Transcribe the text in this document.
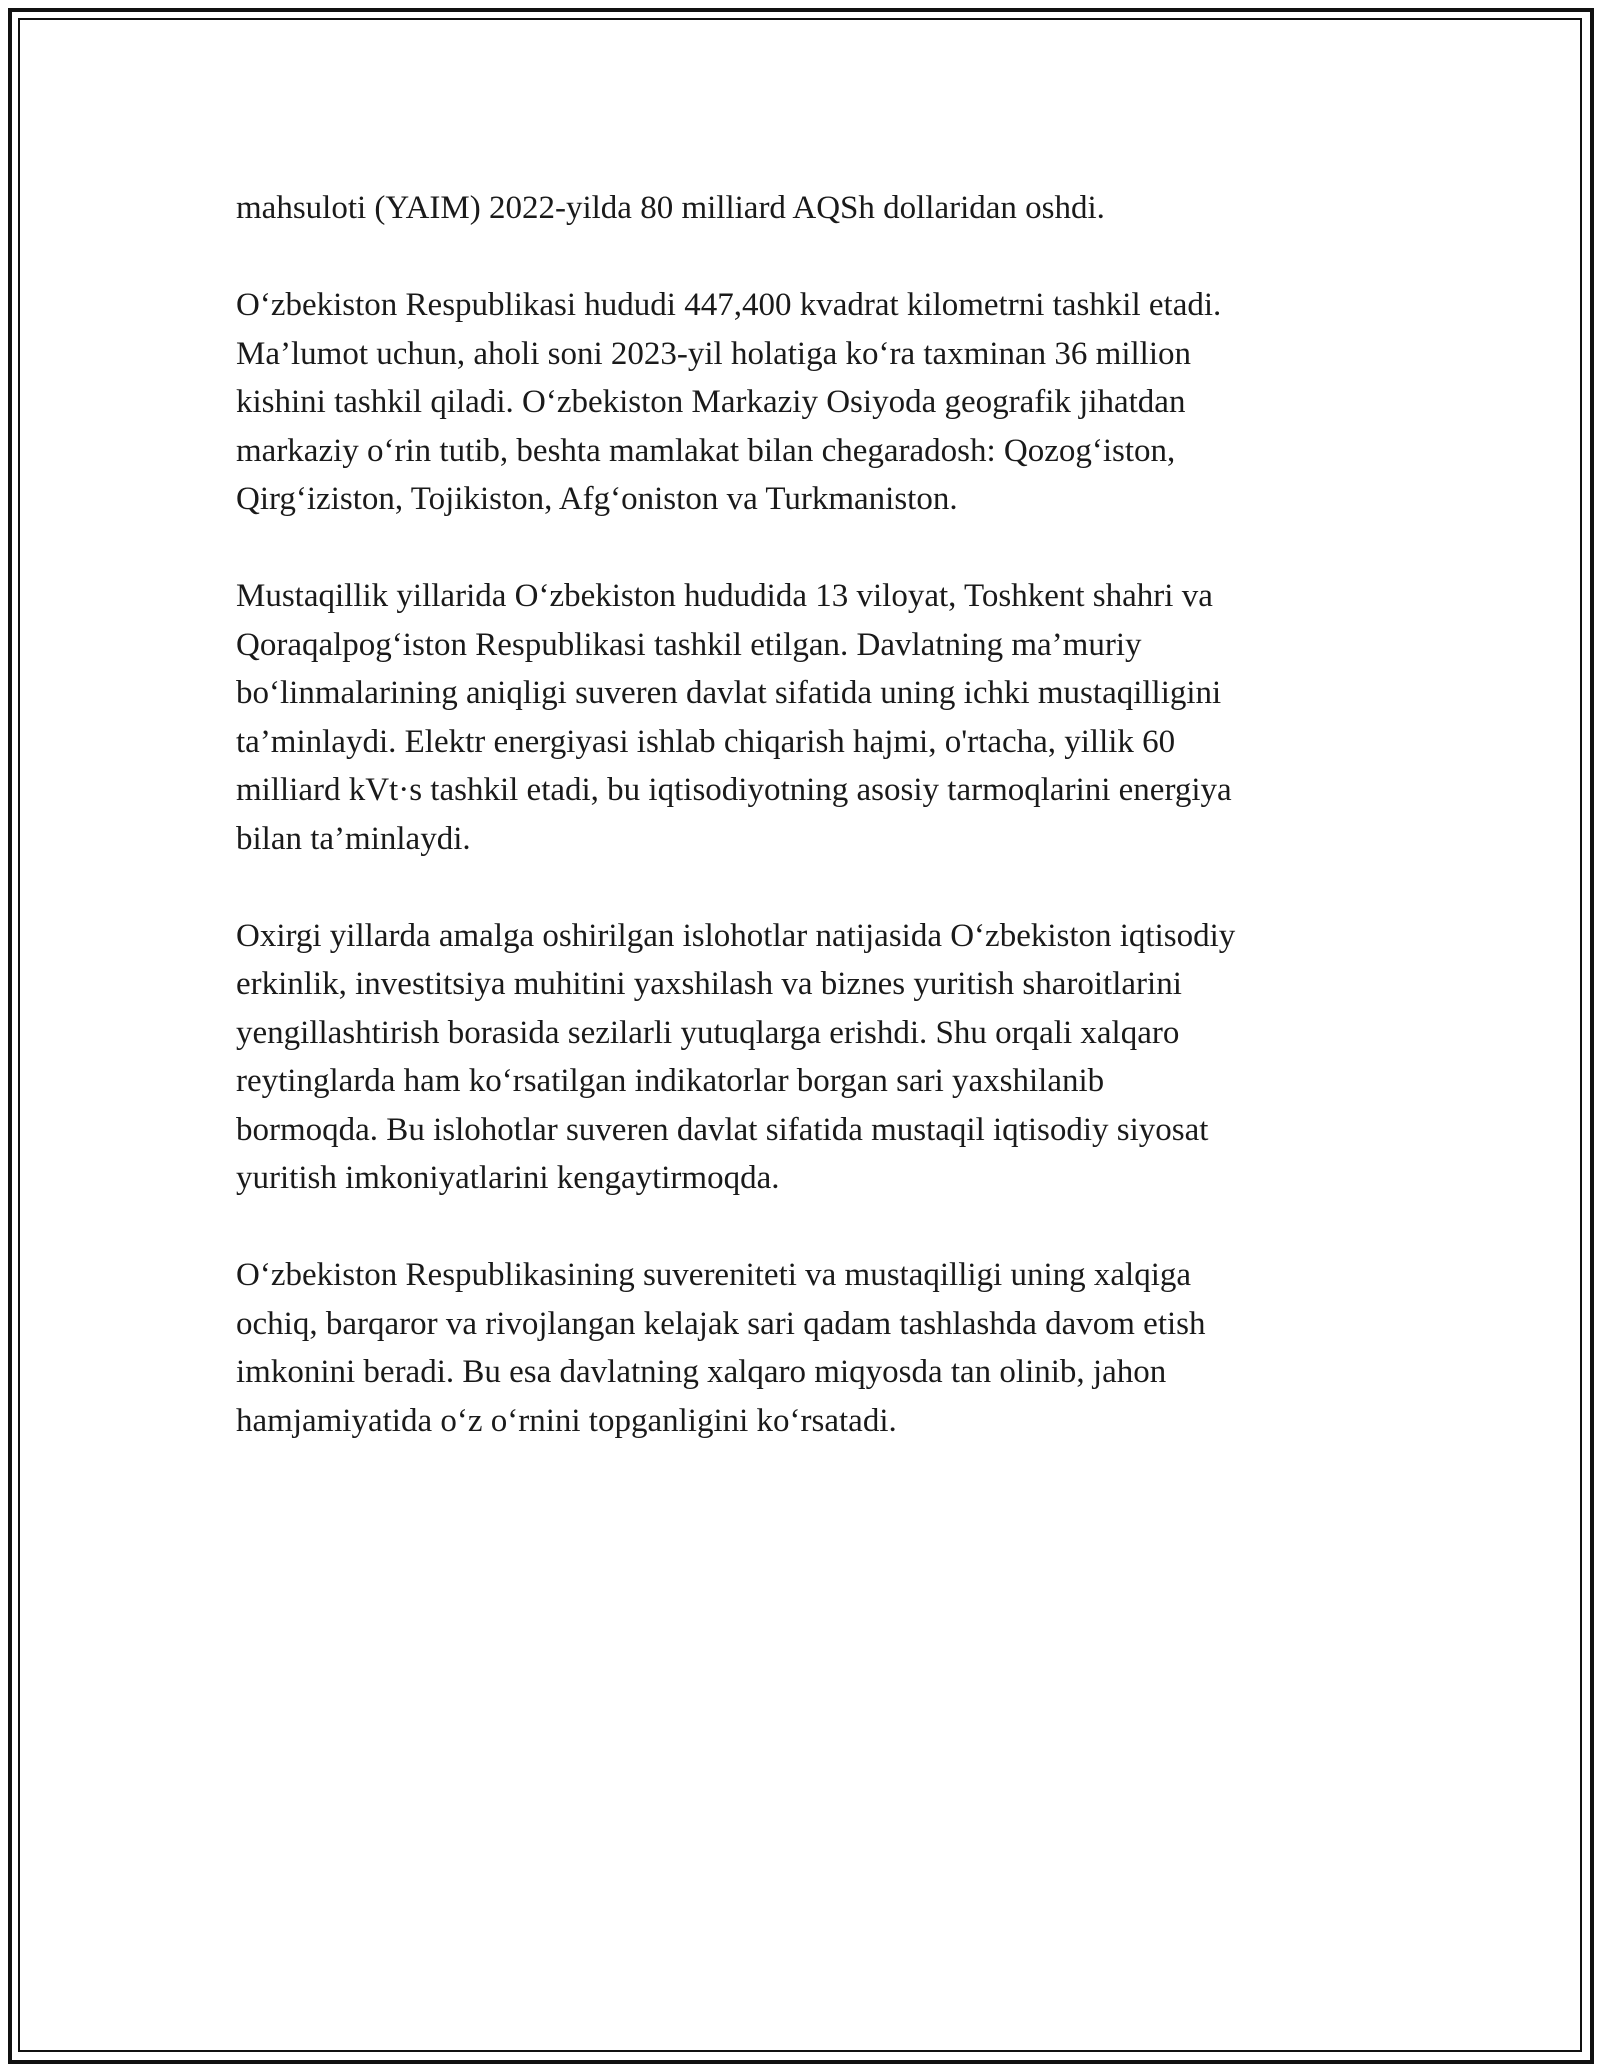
mahsuloti (YAIM) 2022-yilda 80 milliard AQSh dollaridan oshdi.

O‘zbekiston Respublikasi hududi 447,400 kvadrat kilometrni tashkil etadi.
Ma’lumot uchun, aholi soni 2023-yil holatiga ko‘ra taxminan 36 million
kishini tashkil qiladi. O‘zbekiston Markaziy Osiyoda geografik jihatdan
markaziy o‘rin tutib, beshta mamlakat bilan chegaradosh: Qozog‘iston,
Qirg‘iziston, Tojikiston, Afg‘oniston va Turkmaniston.

Mustaqillik yillarida O‘zbekiston hududida 13 viloyat, Toshkent shahri va
Qoraqalpog‘iston Respublikasi tashkil etilgan. Davlatning ma’muriy
bo‘linmalarining aniqligi suveren davlat sifatida uning ichki mustaqilligini
ta’minlaydi. Elektr energiyasi ishlab chiqarish hajmi, o'rtacha, yillik 60
milliard kVt·s tashkil etadi, bu iqtisodiyotning asosiy tarmoqlarini energiya
bilan ta’minlaydi.

Oxirgi yillarda amalga oshirilgan islohotlar natijasida O‘zbekiston iqtisodiy
erkinlik, investitsiya muhitini yaxshilash va biznes yuritish sharoitlarini
yengillashtirish borasida sezilarli yutuqlarga erishdi. Shu orqali xalqaro
reytinglarda ham ko‘rsatilgan indikatorlar borgan sari yaxshilanib
bormoqda. Bu islohotlar suveren davlat sifatida mustaqil iqtisodiy siyosat
yuritish imkoniyatlarini kengaytirmoqda.

O‘zbekiston Respublikasining suvereniteti va mustaqilligi uning xalqiga
ochiq, barqaror va rivojlangan kelajak sari qadam tashlashda davom etish
imkonini beradi. Bu esa davlatning xalqaro miqyosda tan olinib, jahon
hamjamiyatida o‘z o‘rnini topganligini ko‘rsatadi.
